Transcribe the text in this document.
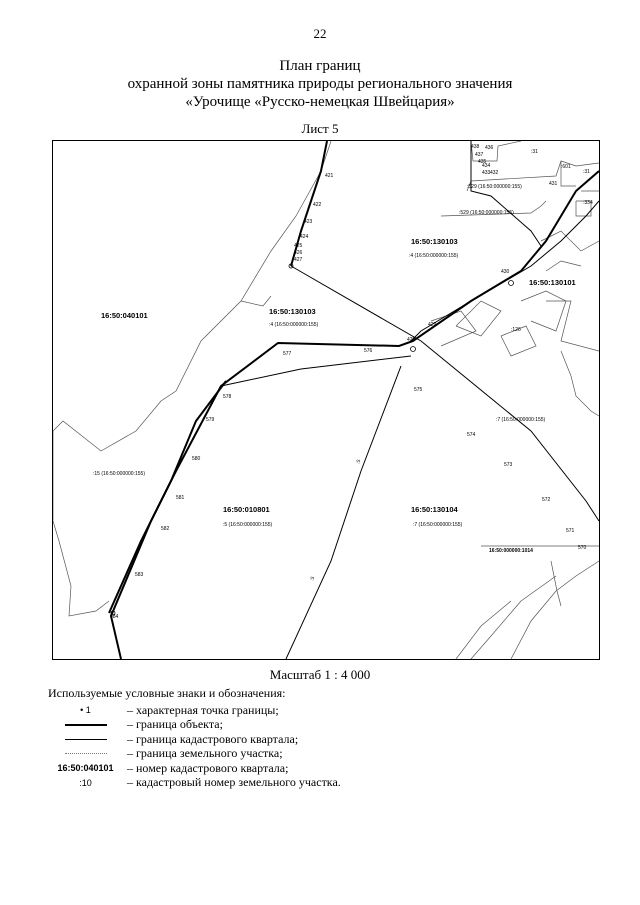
22
План границ
охранной зоны памятника природы регионального значения
«Урочище «Русско-немецкая Швейцария»
Лист 5
16:50:040101
16:50:130103
16:50:130103
16:50:130101
16:50:010801	16:50:130104
16:50:000000:1014
:4 (16:50:000000:155)
:4 (16:50:000000:155)
:15 (16:50:000000:155)
:5 (16:50:000000:155)	:7 (16:50:000000:155)
:7 (16:50:000000:155)
:529 (16:50:000000:155)
:529 (16:50:000000:155)
:126
:31
:31
:601
:334
:5
:5
421
422
423
424
425
426
427
428
429
430
431
432
433
434
435
436
437
438
570
571
572
573
574
575
576
577
578
579
580
581
582
583
584
Масштаб 1 : 4 000
Используемые условные знаки и обозначения:
• 1	– характерная точка границы;
– граница объекта;
– граница кадастрового квартала;
– граница земельного участка;
16:50:040101	– номер кадастрового квартала;
:10	– кадастровый номер земельного участка.
